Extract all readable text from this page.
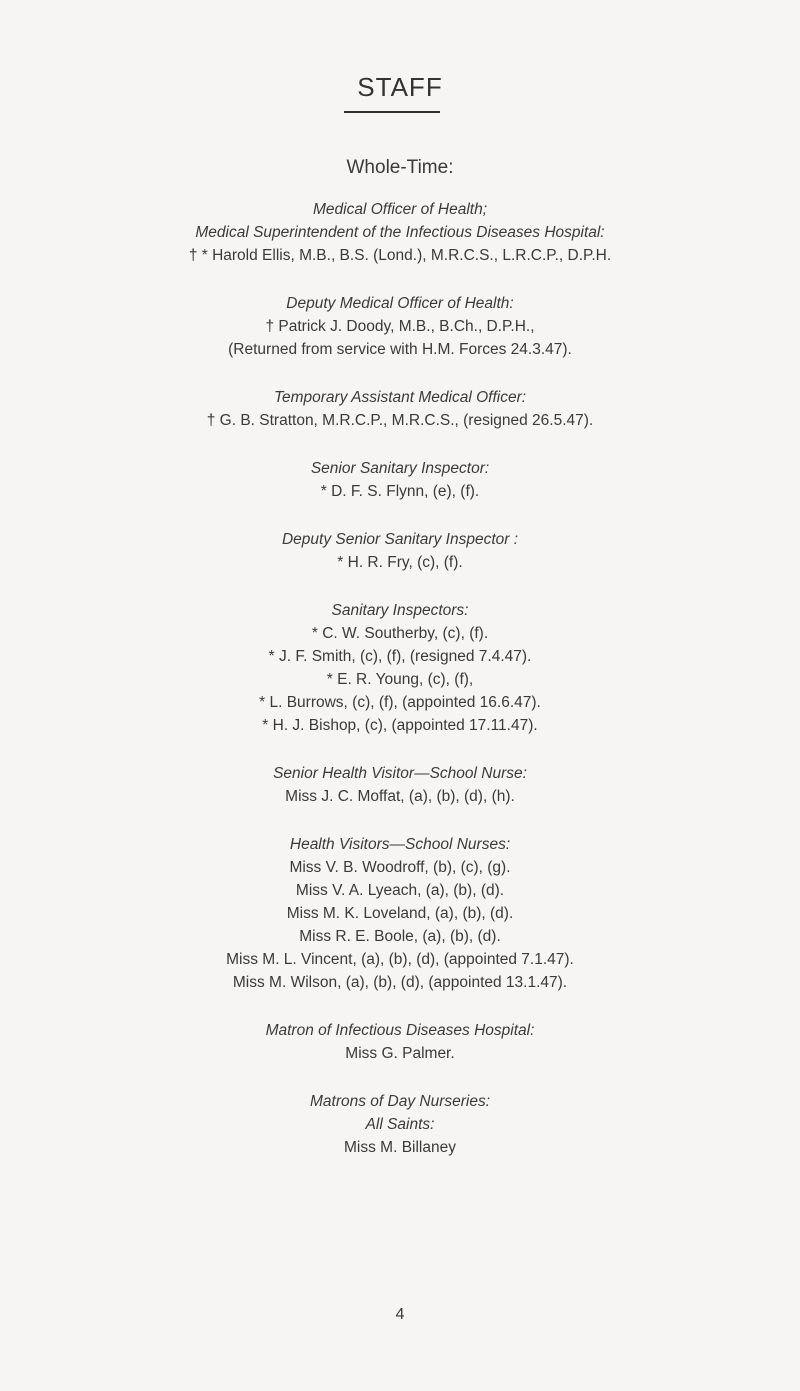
STAFF
Whole-Time:
Medical Officer of Health;
Medical Superintendent of the Infectious Diseases Hospital:
† * Harold Ellis, M.B., B.S. (Lond.), M.R.C.S., L.R.C.P., D.P.H.
Deputy Medical Officer of Health:
† Patrick J. Doody, M.B., B.Ch., D.P.H.,
(Returned from service with H.M. Forces 24.3.47).
Temporary Assistant Medical Officer:
† G. B. Stratton, M.R.C.P., M.R.C.S., (resigned 26.5.47).
Senior Sanitary Inspector:
* D. F. S. Flynn, (e), (f).
Deputy Senior Sanitary Inspector :
* H. R. Fry, (c), (f).
Sanitary Inspectors:
* C. W. Southerby, (c), (f).
* J. F. Smith, (c), (f), (resigned 7.4.47).
* E. R. Young, (c), (f),
* L. Burrows, (c), (f), (appointed 16.6.47).
* H. J. Bishop, (c), (appointed 17.11.47).
Senior Health Visitor—School Nurse:
Miss J. C. Moffat, (a), (b), (d), (h).
Health Visitors—School Nurses:
Miss V. B. Woodroff, (b), (c), (g).
Miss V. A. Lyeach, (a), (b), (d).
Miss M. K. Loveland, (a), (b), (d).
Miss R. E. Boole, (a), (b), (d).
Miss M. L. Vincent, (a), (b), (d), (appointed 7.1.47).
Miss M. Wilson, (a), (b), (d), (appointed 13.1.47).
Matron of Infectious Diseases Hospital:
Miss G. Palmer.
Matrons of Day Nurseries:
All Saints:
Miss M. Billaney
4
